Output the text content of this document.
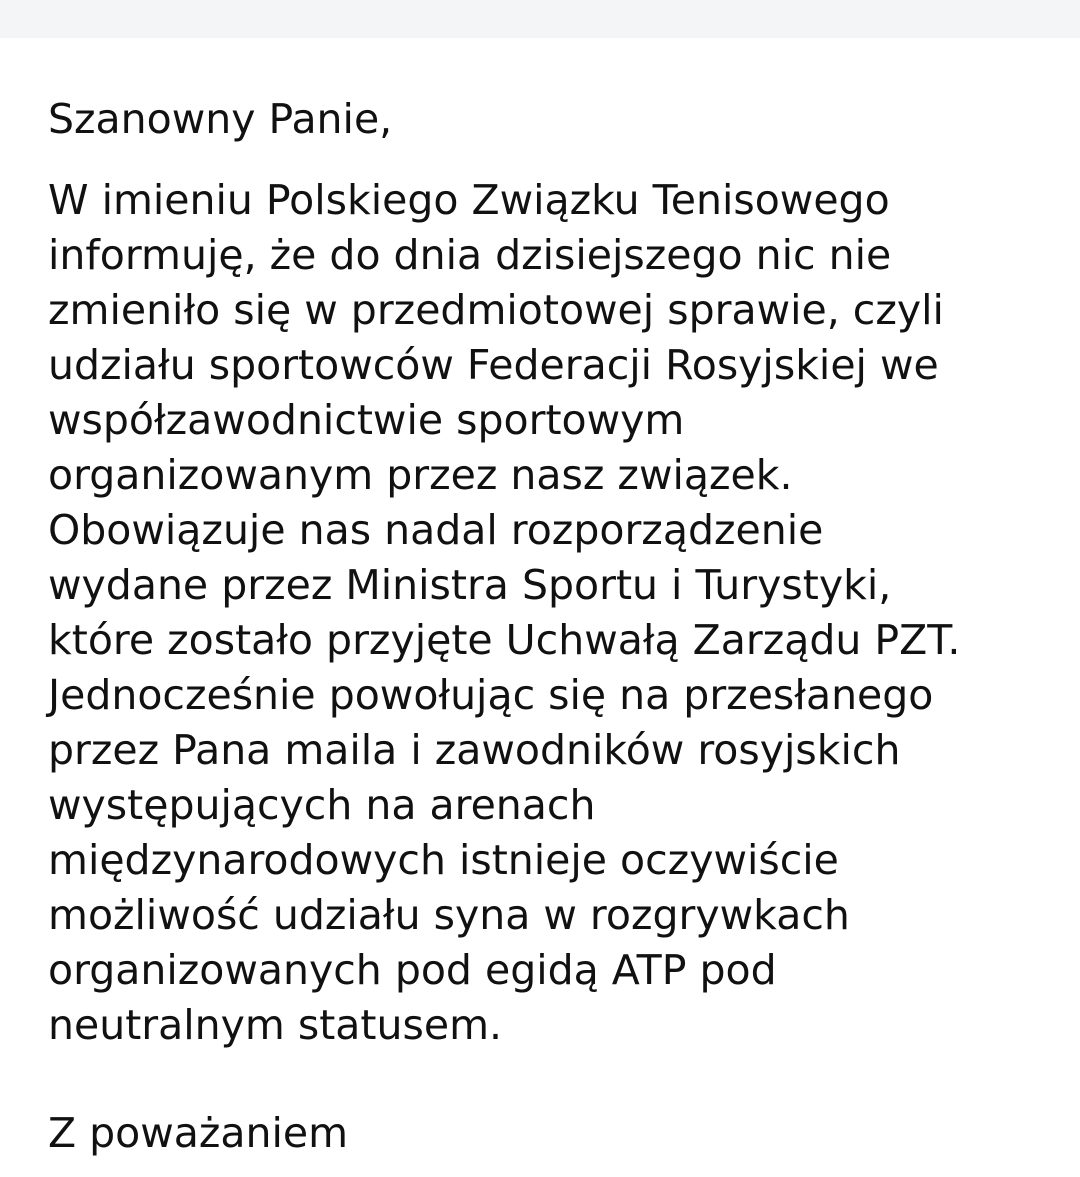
Szanowny Panie,

W imieniu Polskiego Związku Tenisowego
informuję, że do dnia dzisiejszego nic nie
zmieniło się w przedmiotowej sprawie, czyli
udziału sportowców Federacji Rosyjskiej we
współzawodnictwie sportowym
organizowanym przez nasz związek.
Obowiązuje nas nadal rozporządzenie
wydane przez Ministra Sportu i Turystyki,
które zostało przyjęte Uchwałą Zarządu PZT.
Jednocześnie powołując się na przesłanego
przez Pana maila i zawodników rosyjskich
występujących na arenach
międzynarodowych istnieje oczywiście
możliwość udziału syna w rozgrywkach
organizowanych pod egidą ATP pod
neutralnym statusem.

Z poważaniem
